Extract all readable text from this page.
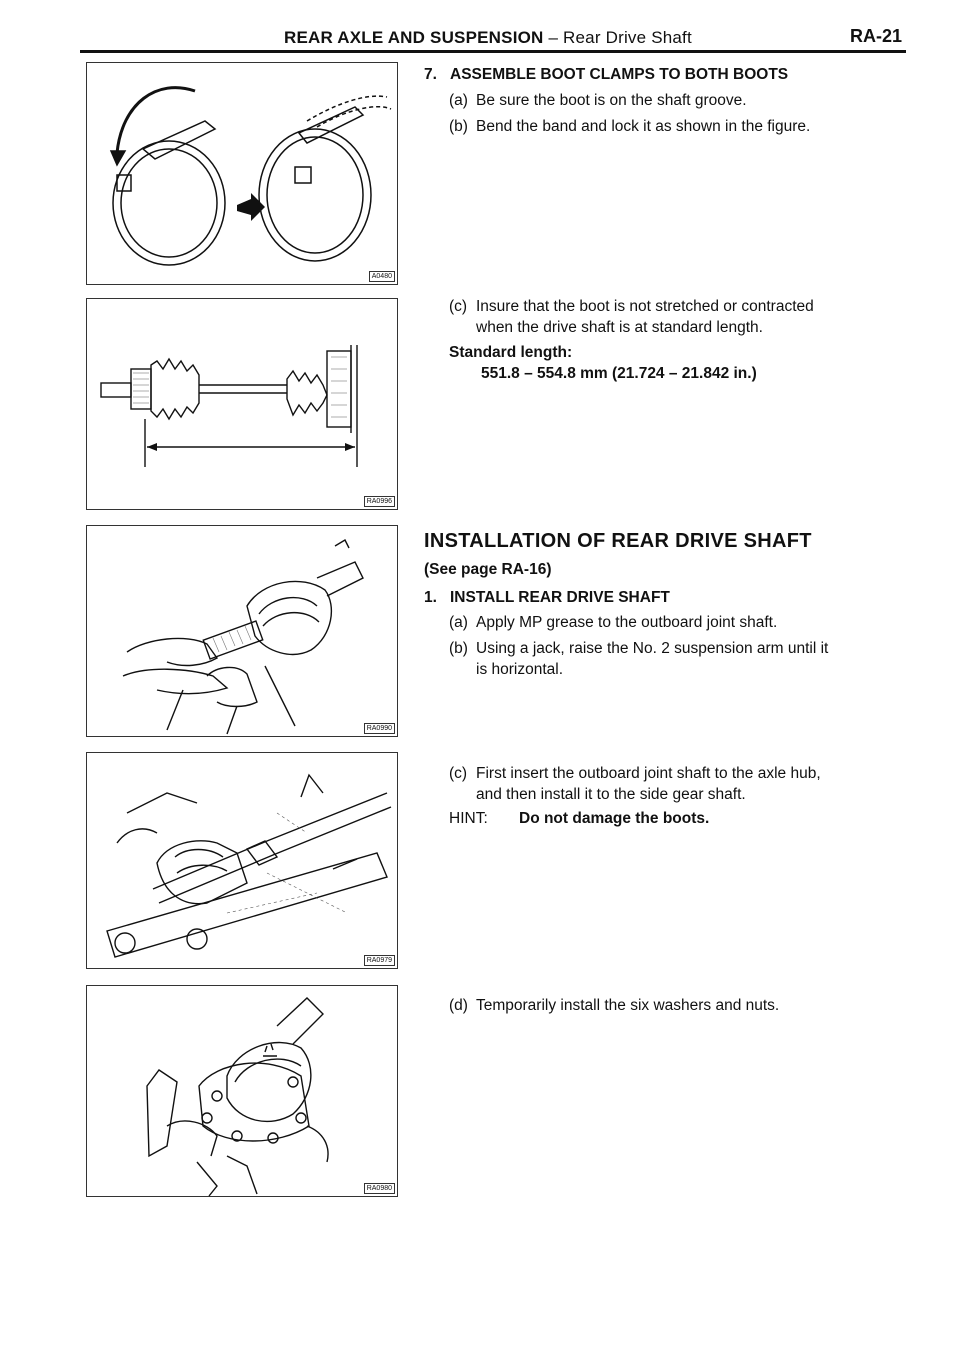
REAR AXLE AND SUSPENSION – Rear Drive Shaft	RA-21
A0480
RA0996
RA0990
RA0979
RA0980
7. ASSEMBLE BOOT CLAMPS TO BOTH BOOTS
(a) Be sure the boot is on the shaft groove.
(b) Bend the band and lock it as shown in the figure.
(c) Insure that the boot is not stretched or contracted
when the drive shaft is at standard length.
Standard length:
551.8 – 554.8 mm (21.724 – 21.842 in.)
INSTALLATION OF REAR DRIVE SHAFT
(See page RA-16)
1. INSTALL REAR DRIVE SHAFT
(a) Apply MP grease to the outboard joint shaft.
(b) Using a jack, raise the No. 2 suspension arm until it
is horizontal.
(c) First insert the outboard joint shaft to the axle hub,
and then install it to the side gear shaft.
HINT: Do not damage the boots.
(d) Temporarily install the six washers and nuts.
